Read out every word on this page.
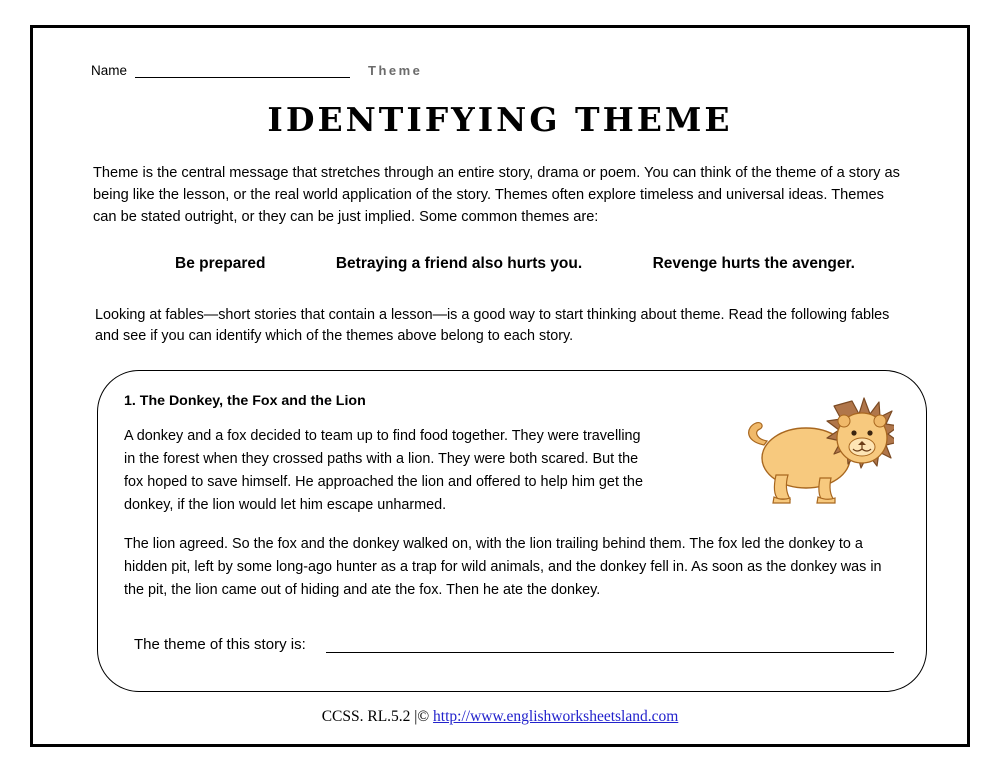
Name	Theme
IDENTIFYING THEME
Theme is the central message that stretches through an entire story, drama or poem. You can think of the theme of a story as being like the lesson, or the real world application of the story. Themes often explore timeless and universal ideas. Themes can be stated outright, or they can be just implied. Some common themes are:
Be prepared	Betraying a friend also hurts you.	Revenge hurts the avenger.
Looking at fables—short stories that contain a lesson—is a good way to start thinking about theme. Read the following fables and see if you can identify which of the themes above belong to each story.
1. The Donkey, the Fox and the Lion
A donkey and a fox decided to team up to find food together. They were travelling in the forest when they crossed paths with a lion. They were both scared. But the fox hoped to save himself. He approached the lion and offered to help him get the donkey, if the lion would let him escape unharmed.
The lion agreed. So the fox and the donkey walked on, with the lion trailing behind them. The fox led the donkey to a hidden pit, left by some long-ago hunter as a trap for wild animals, and the donkey fell in. As soon as the donkey was in the pit, the lion came out of hiding and ate the fox. Then he ate the donkey.
The theme of this story is:
CCSS. RL.5.2 |© http://www.englishworksheetsland.com
